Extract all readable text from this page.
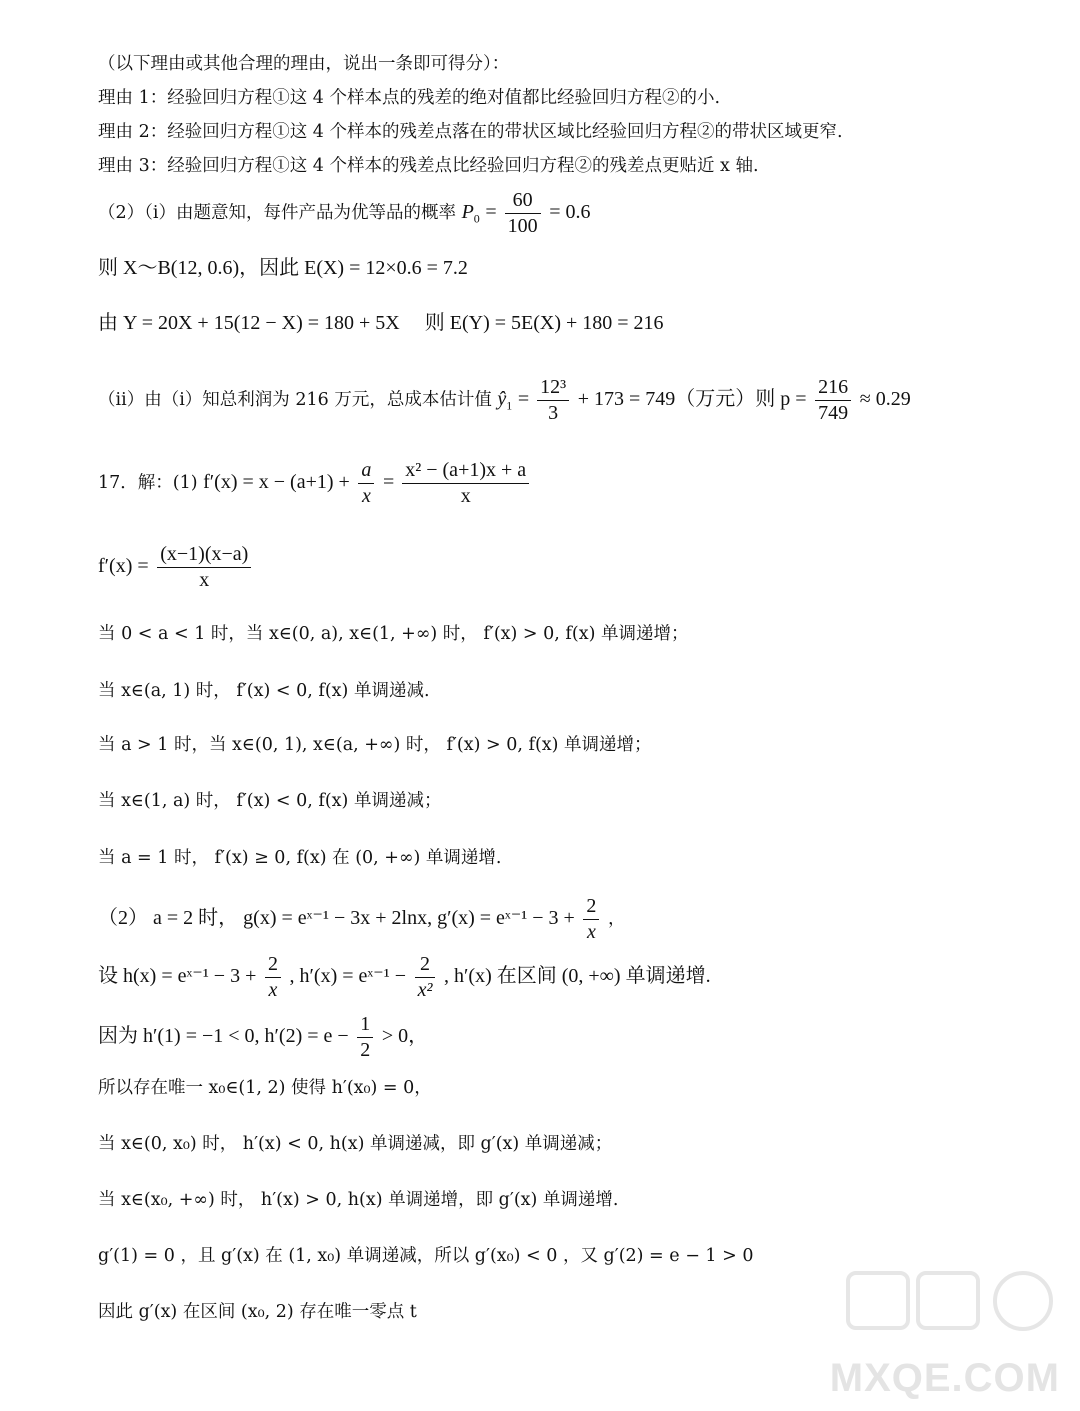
（以下理由或其他合理的理由，说出一条即可得分）：
理由 1：经验回归方程①这 4 个样本点的残差的绝对值都比经验回归方程②的小.
理由 2：经验回归方程①这 4 个样本的残差点落在的带状区域比经验回归方程②的带状区域更窄.
理由 3：经验回归方程①这 4 个样本的残差点比经验回归方程②的残差点更贴近 x 轴.
（2）（ⅰ）由题意知，每件产品为优等品的概率 $P_0 = \frac{60}{100} = 0.6$
则 X～B(12, 0.6)，因此 E(X) = 12×0.6 = 7.2
由 Y = 20X + 15(12 − X) = 180 + 5X　 则 E(Y) = 5E(X) + 180 = 216
（ⅱ）由（ⅰ）知总利润为 216 万元，总成本估计值 $ŷ_1 = \frac{\text{12³}}{3} + 173 = 749$（万元）则 $p = \frac{216}{749} \approx 0.29$
17．解：(1) $f'(x) = x - (a+1) + \frac{a}{x} = \frac{\text{x² − (a+1)x + a}}{x}$
$f'(x) = \frac{(x-1)(x-a)}{x}$
当 0 < a < 1 时，当 x∈(0, a), x∈(1, +∞) 时， f′(x) > 0, f(x) 单调递增；
当 x∈(a, 1) 时， f′(x) < 0, f(x) 单调递减.
当 a > 1 时，当 x∈(0, 1), x∈(a, +∞) 时， f′(x) > 0, f(x) 单调递增；
当 x∈(1, a) 时， f′(x) < 0, f(x) 单调递减；
当 a = 1 时， f′(x) ≥ 0, f(x) 在 (0, +∞) 单调递增.
（2） a = 2 时， g(x) = eˣ⁻¹ − 3x + 2lnx, g′(x) = eˣ⁻¹ − $3 + \frac{2}{x}$ ，
设 h(x) = eˣ⁻¹ − $3 + \frac{2}{x}$ , h′(x) = eˣ⁻¹ − $\frac{2}{\text{x²}}$ , h′(x) 在区间 (0, +∞) 单调递增.
因为 h′(1) = −1 < 0, $h'(2) = e - \frac{1}{2} > 0$，
所以存在唯一 x₀∈(1, 2) 使得 h′(x₀) = 0，
当 x∈(0, x₀) 时， h′(x) < 0, h(x) 单调递减，即 g′(x) 单调递减；
当 x∈(x₀, +∞) 时， h′(x) > 0, h(x) 单调递增，即 g′(x) 单调递增.
g′(1) = 0 ，且 g′(x) 在 (1, x₀) 单调递减，所以 g′(x₀) < 0 ，又 g′(2) = e − 1 > 0
因此 g′(x) 在区间 (x₀, 2) 存在唯一零点 t
MXQE.COM
